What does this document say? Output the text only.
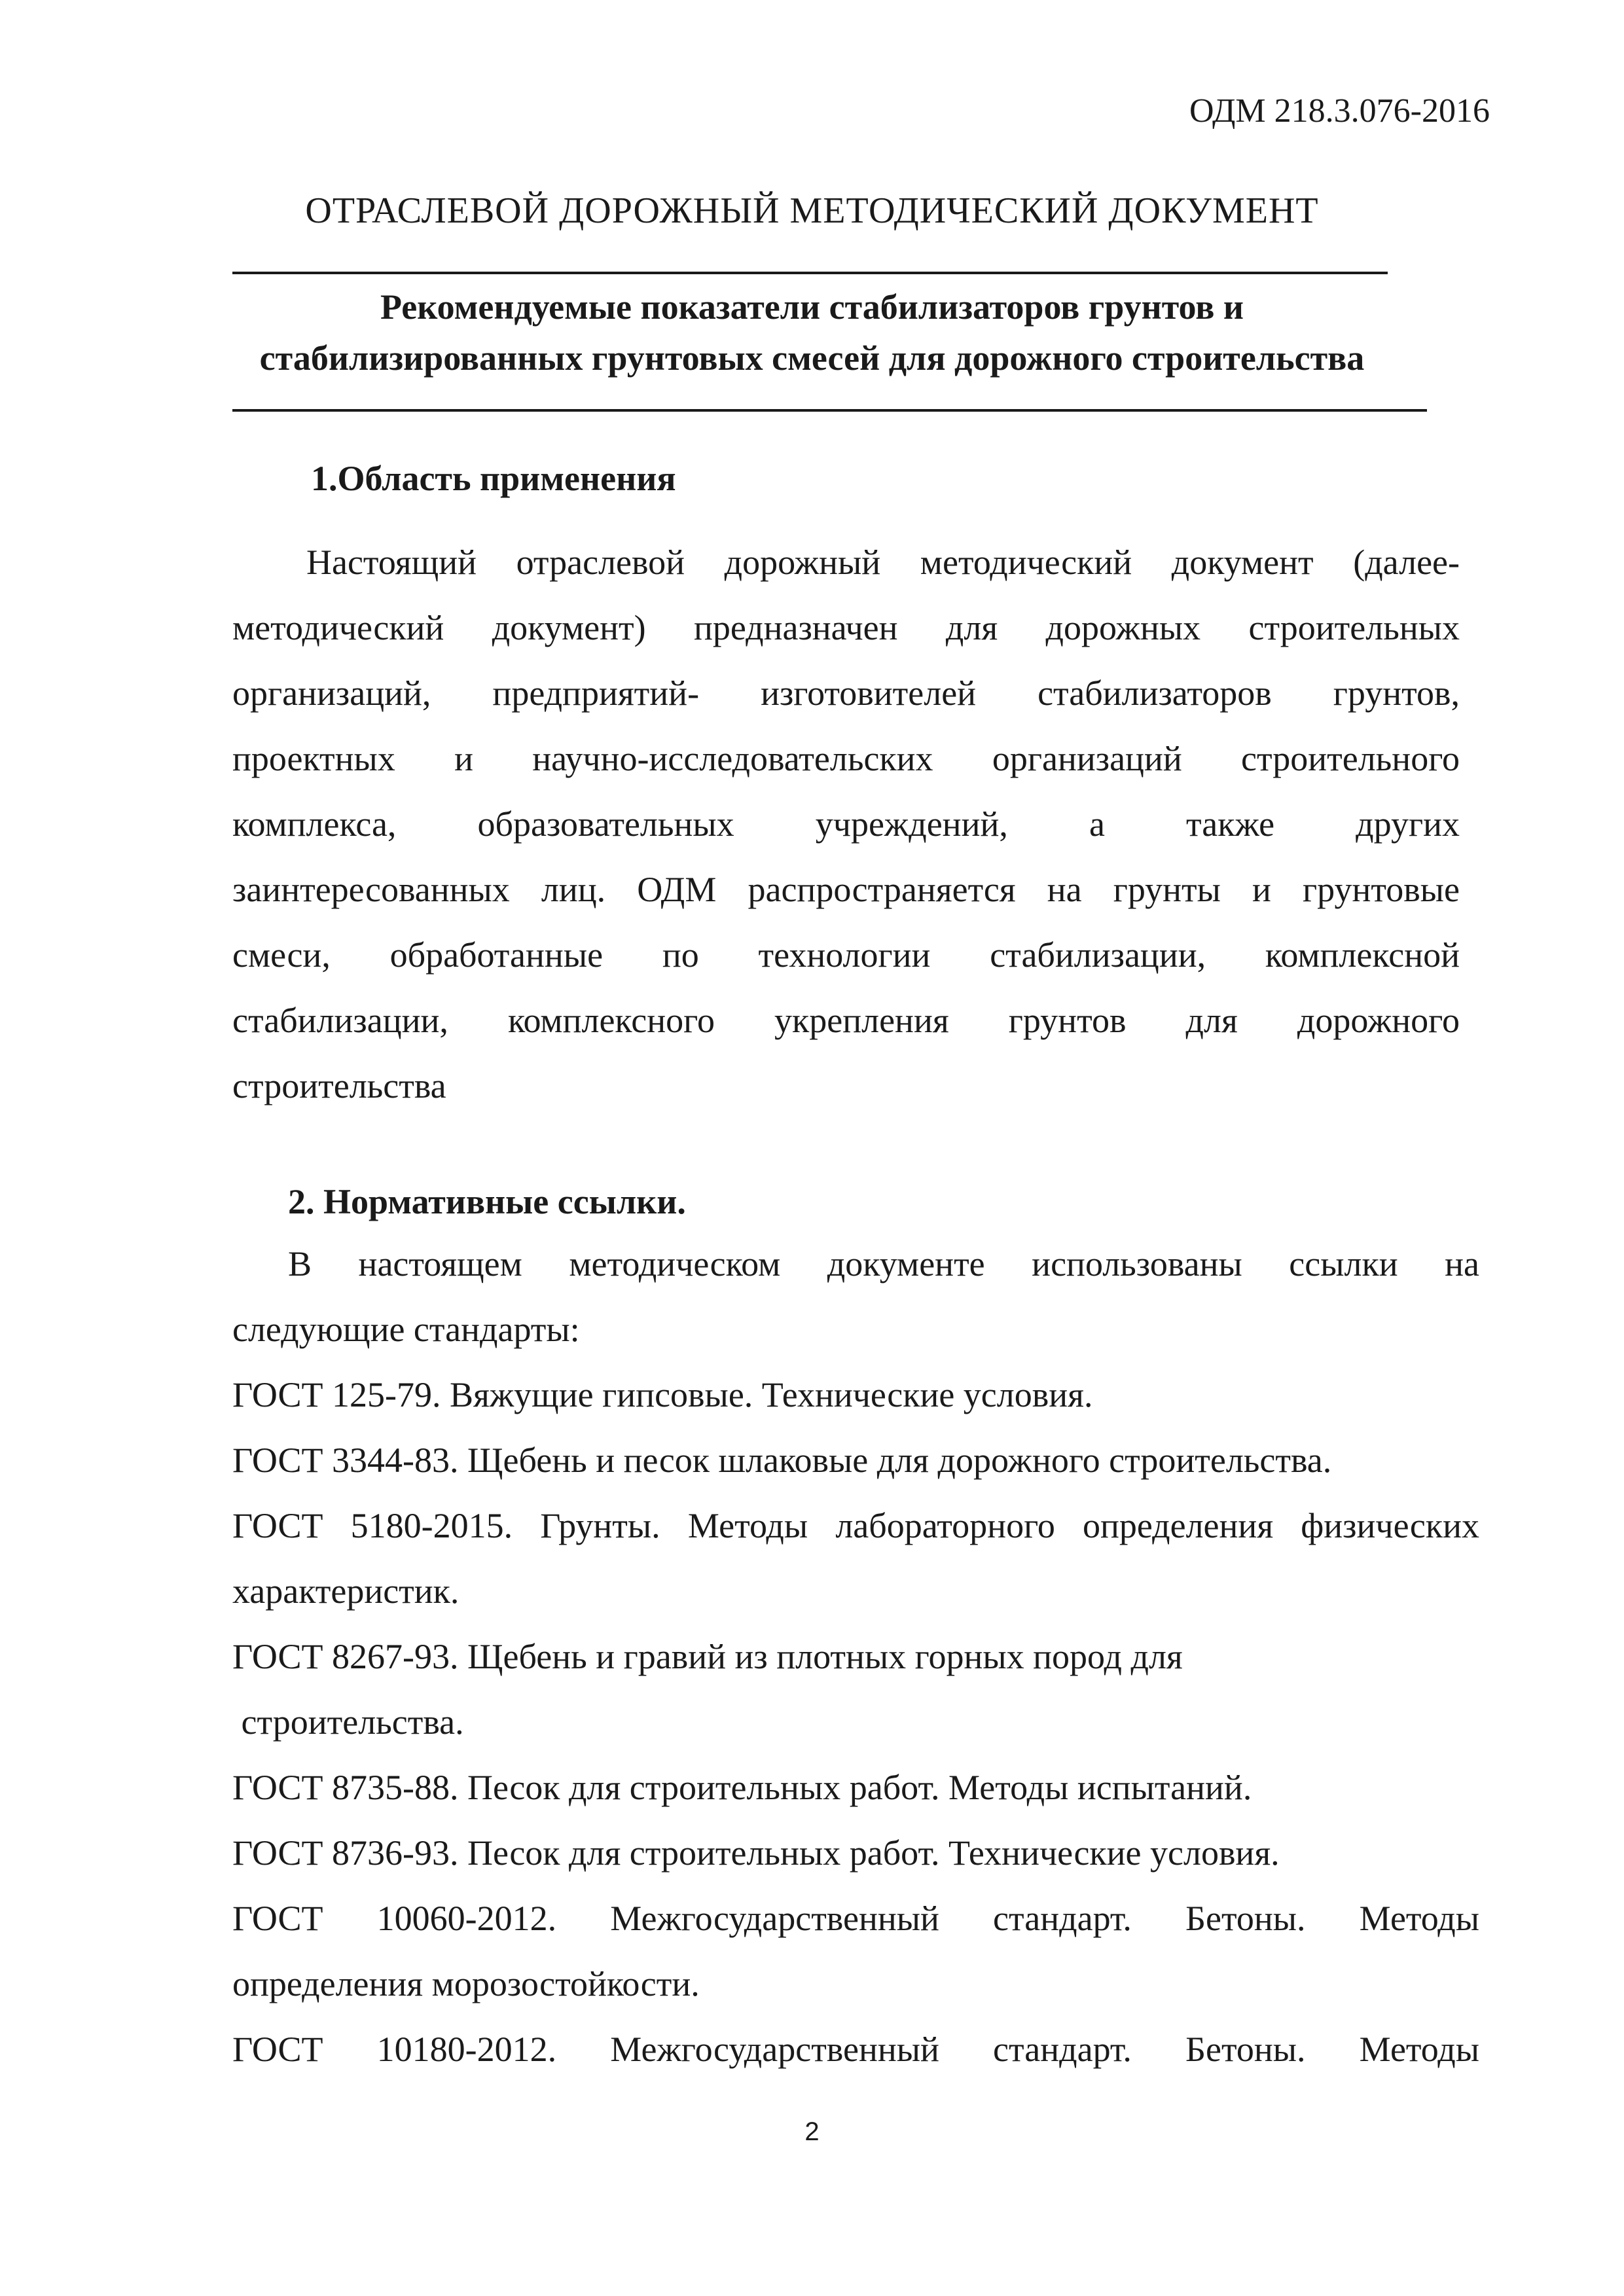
ОДМ 218.3.076-2016
ОТРАСЛЕВОЙ ДОРОЖНЫЙ МЕТОДИЧЕСКИЙ ДОКУМЕНТ
Рекомендуемые показатели стабилизаторов грунтов и
стабилизированных грунтовых смесей для дорожного строительства
1.Область применения
Настоящий отраслевой дорожный методический документ (далее-
методический документ) предназначен для дорожных строительных
организаций, предприятий- изготовителей стабилизаторов грунтов,
проектных и научно-исследовательских организаций строительного
комплекса, образовательных учреждений, а также других
заинтересованных лиц. ОДМ распространяется на грунты и грунтовые
смеси, обработанные по технологии стабилизации, комплексной
стабилизации, комплексного укрепления грунтов для дорожного
строительства
2. Нормативные ссылки.
В настоящем методическом документе использованы ссылки на
следующие стандарты:
ГОСТ 125-79. Вяжущие гипсовые. Технические условия.
ГОСТ 3344-83. Щебень и песок шлаковые для дорожного строительства.
ГОСТ 5180-2015. Грунты. Методы лабораторного определения физических
характеристик.
ГОСТ 8267-93. Щебень и гравий из плотных горных пород для
строительства.
ГОСТ 8735-88. Песок для строительных работ. Методы испытаний.
ГОСТ 8736-93. Песок для строительных работ. Технические условия.
ГОСТ 10060-2012. Межгосударственный стандарт. Бетоны. Методы
определения морозостойкости.
ГОСТ 10180-2012. Межгосударственный стандарт. Бетоны. Методы
2
